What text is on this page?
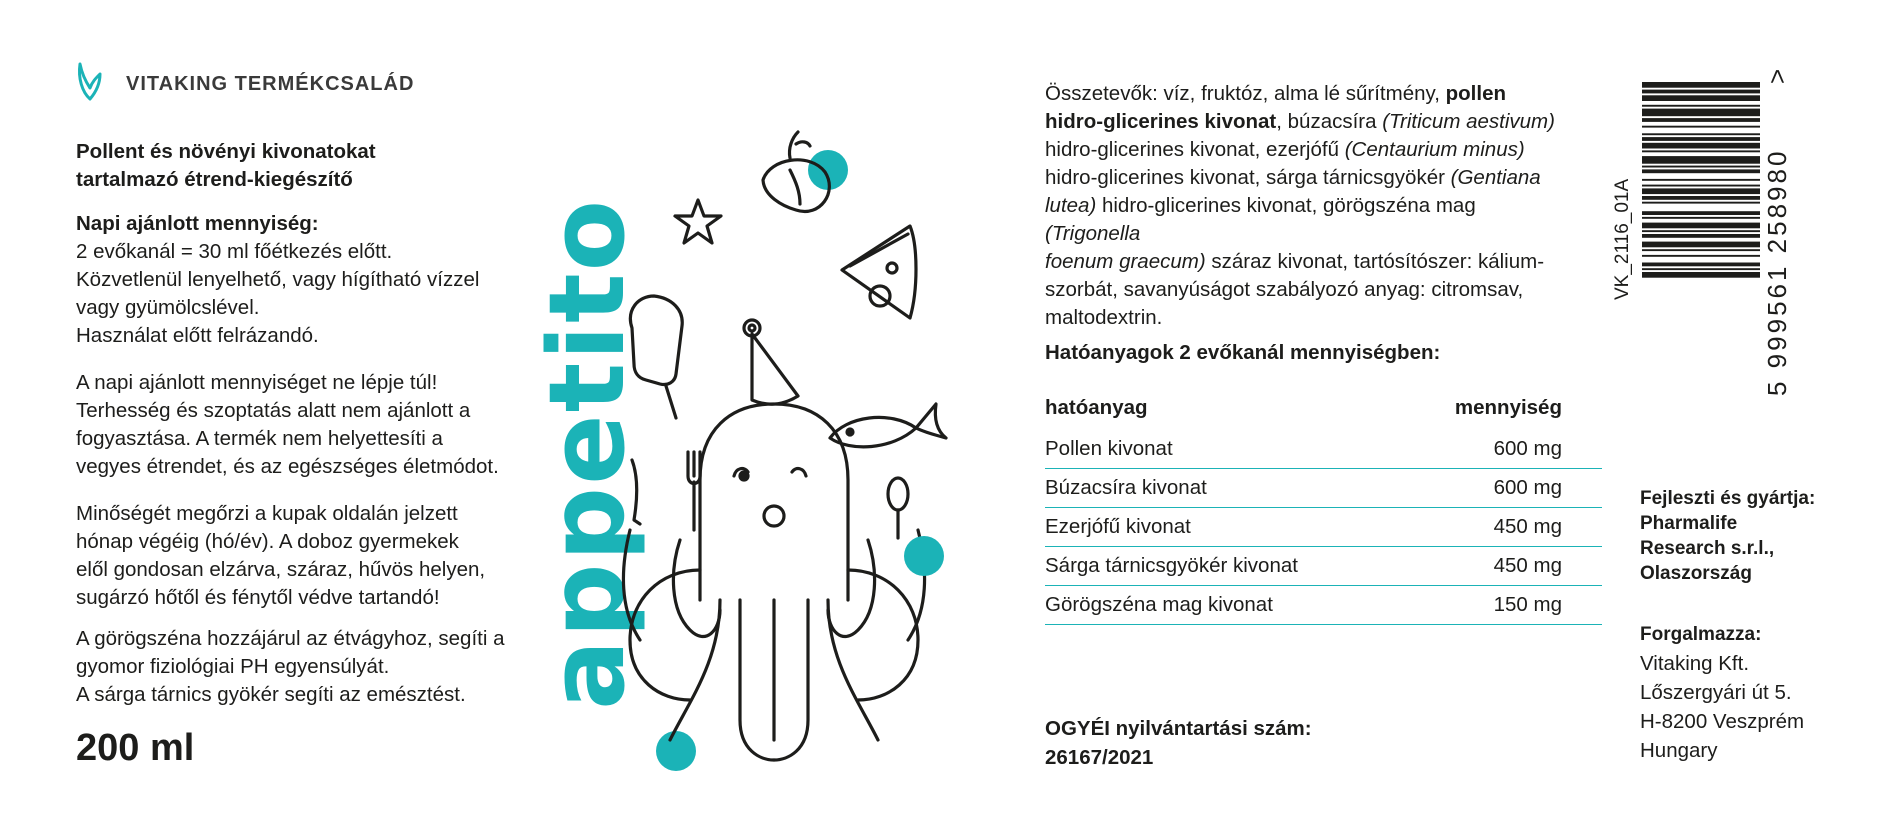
VITAKING TERMÉKCSALÁD

Pollent és növényi kivonatokat

tartalmazó étrend-kiegészítő

Napi ajánlott mennyiség:

2 evőkanál = 30 ml főétkezés előtt.

Közvetlenül lenyelhető, vagy hígítható vízzel

vagy gyümölcslével.

Használat előtt felrázandó.

A napi ajánlott mennyiséget ne lépje túl!

Terhesség és szoptatás alatt nem ajánlott a

fogyasztása. A termék nem helyettesíti a

vegyes étrendet, és az egészséges életmódot.

Minőségét megőrzi a kupak oldalán jelzett

hónap végéig (hó/év). A doboz gyermekek

elől gondosan elzárva, száraz, hűvös helyen,

sugárzó hőtől és fénytől védve tartandó!

A görögszéna hozzájárul az étvágyhoz, segíti a

gyomor fiziológiai PH egyensúlyát.

A sárga tárnics gyökér segíti az emésztést.

200 ml
appetito

Összetevők: víz, fruktóz, alma lé sűrítmény, pollen

hidro-glicerines kivonat, búzacsíra (Triticum aestivum)

hidro-glicerines kivonat, ezerjófű (Centaurium minus)

hidro-glicerines kivonat, sárga tárnicsgyökér (Gentiana

lutea) hidro-glicerines kivonat, görögszéna mag (Trigonella

foenum graecum) száraz kivonat, tartósítószer: kálium-

szorbát, savanyúságot szabályozó anyag: citromsav,

maltodextrin.

Hatóanyagok 2 evőkanál mennyiségben:
hatóanyag	mennyiség
Pollen kivonat	600 mg
Búzacsíra kivonat	600 mg
Ezerjófű kivonat	450 mg
Sárga tárnicsgyökér kivonat	450 mg
Görögszéna mag kivonat	150 mg
OGYÉI nyilvántartási szám:
26167/2021
VK_2116_01A	5 999561 258980
>
Fejleszti és gyártja:
Pharmalife
Research s.r.l.,
Olaszország
Forgalmazza:
Vitaking Kft.
Lőszergyári út 5.
H-8200 Veszprém
Hungary
